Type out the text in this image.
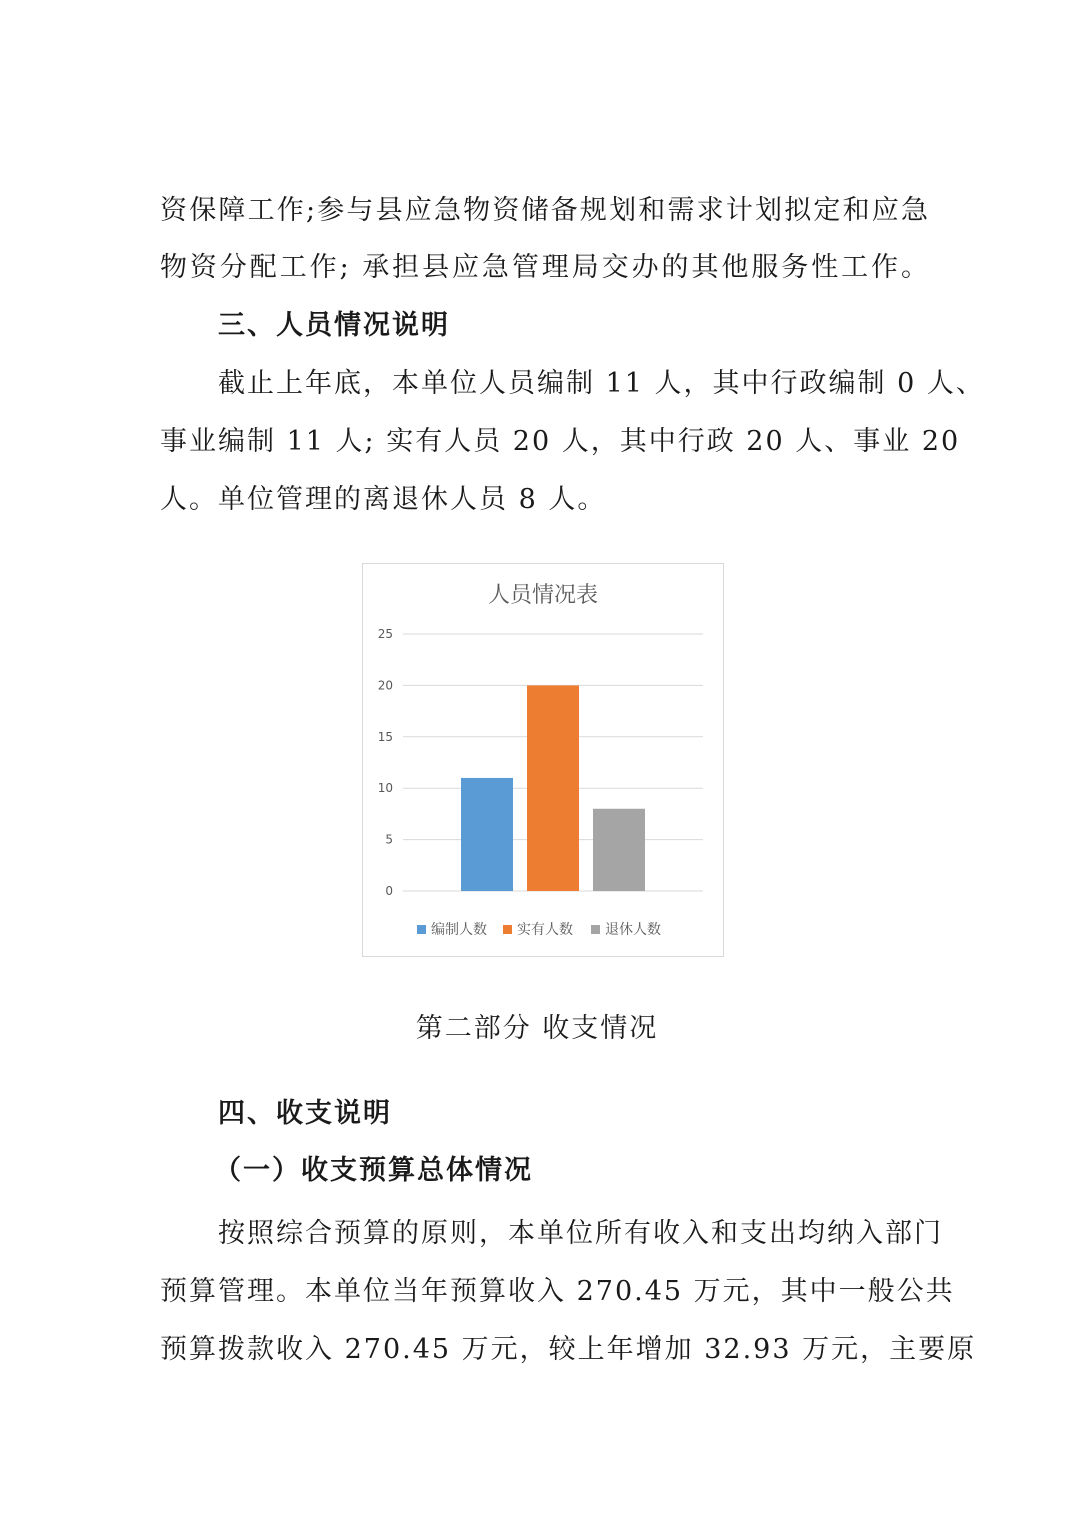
资保障工作;参与县应急物资储备规划和需求计划拟定和应急
物资分配工作; 承担县应急管理局交办的其他服务性工作。
三、人员情况说明
截止上年底，本单位人员编制 11 人，其中行政编制 0 人、
事业编制 11 人; 实有人员 20 人，其中行政 20 人、事业 20
人。单位管理的离退休人员 8 人。
人员情况表
0
5
10
15
20
25
编制人数 实有人数 退休人数
第二部分 收支情况
四、收支说明
（一）收支预算总体情况
按照综合预算的原则，本单位所有收入和支出均纳入部门
预算管理。本单位当年预算收入 270.45 万元，其中一般公共
预算拨款收入 270.45 万元，较上年增加 32.93 万元，主要原
